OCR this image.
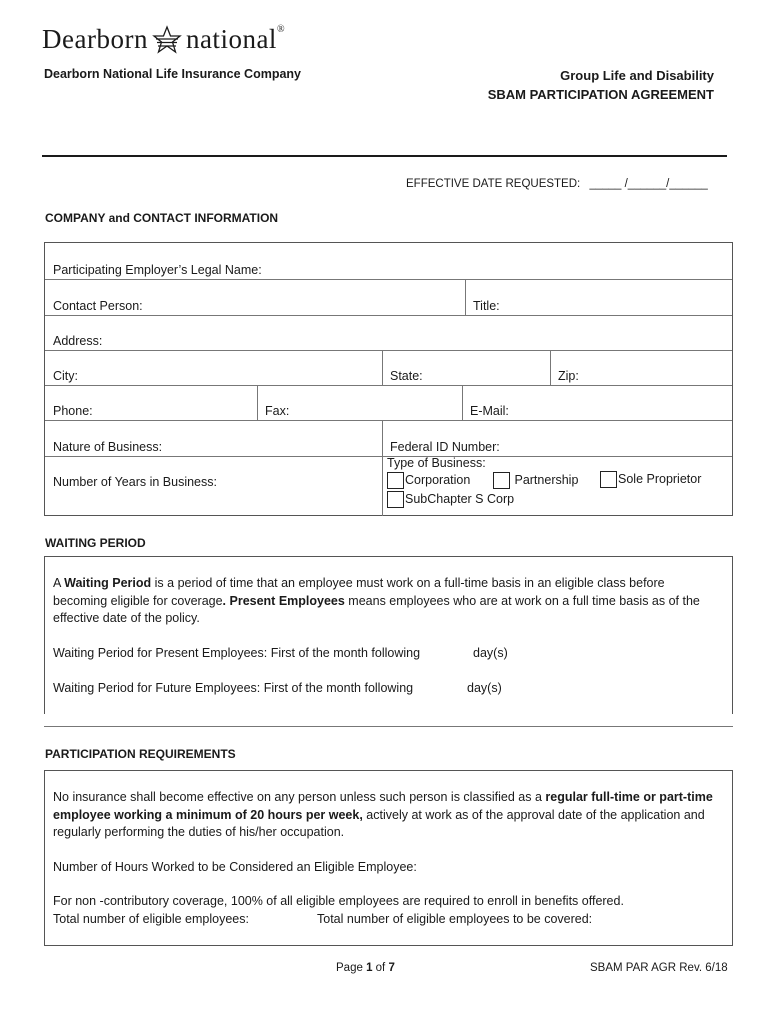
Dearborn national ®
Dearborn National Life Insurance Company	Group Life and Disability
SBAM PARTICIPATION AGREEMENT
EFFECTIVE DATE REQUESTED: _____ /______/______
COMPANY and CONTACT INFORMATION
Participating Employer’s Legal Name:
Contact Person:	Title:
Address:
City:	State:	Zip:
Phone:	Fax:	E-Mail:
Nature of Business:	Federal ID Number:
Number of Years in Business:
Type of Business:
Corporation	Partnership	Sole Proprietor
SubChapter S Corp
WAITING PERIOD
A Waiting Period is a period of time that an employee must work on a full-time basis in an eligible class before
becoming eligible for coverage. Present Employees means employees who are at work on a full time basis as of the
effective date of the policy.
Waiting Period for Present Employees: First of the month following	day(s)
Waiting Period for Future Employees: First of the month following	day(s)
PARTICIPATION REQUIREMENTS
No insurance shall become effective on any person unless such person is classified as a regular full-time or part-time
employee working a minimum of 20 hours per week, actively at work as of the approval date of the application and
regularly performing the duties of his/her occupation.
Number of Hours Worked to be Considered an Eligible Employee:
For non -contributory coverage, 100% of all eligible employees are required to enroll in benefits offered.
Total number of eligible employees:	Total number of eligible employees to be covered:
Page 1 of 7	SBAM PAR AGR Rev. 6/18
